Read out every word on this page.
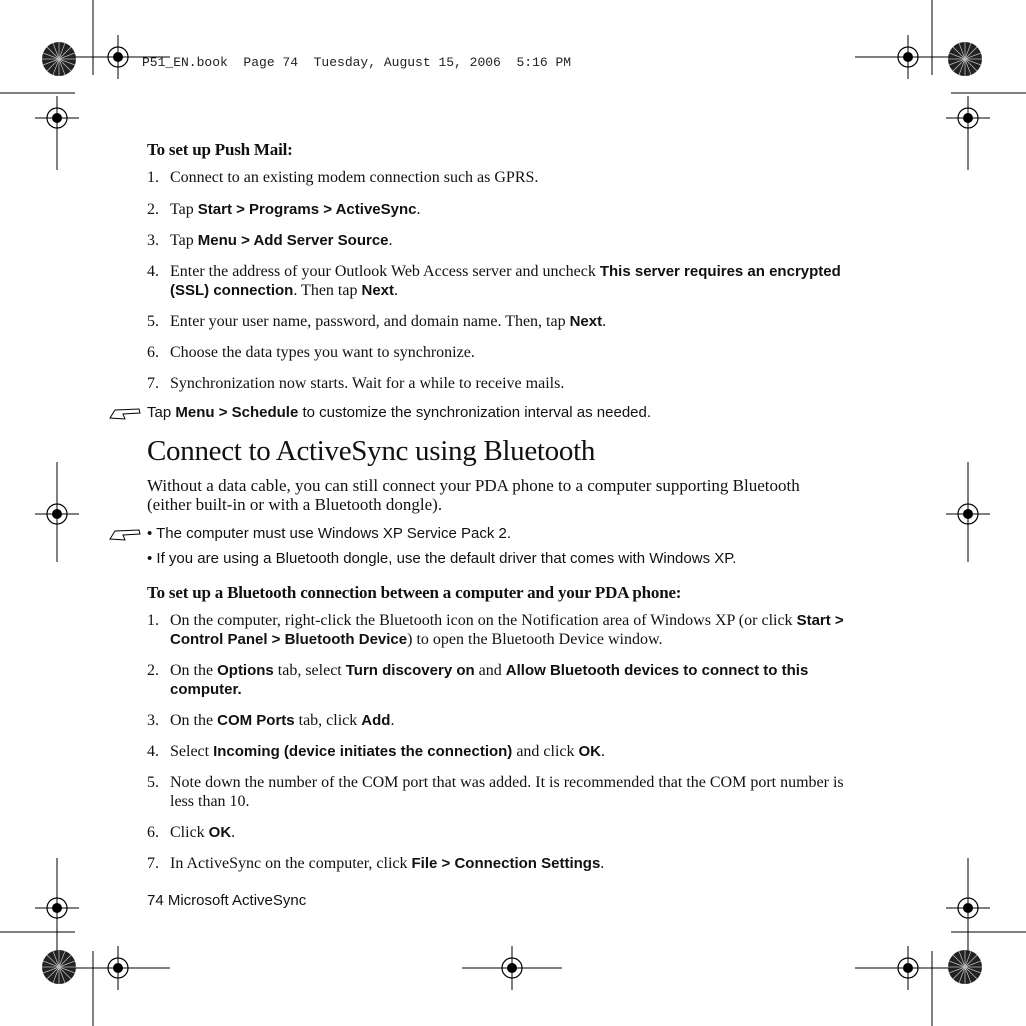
P51_EN.book  Page 74  Tuesday, August 15, 2006  5:16 PM
To set up Push Mail:
1. Connect to an existing modem connection such as GPRS.
2. Tap Start > Programs > ActiveSync.
3. Tap Menu > Add Server Source.
4. Enter the address of your Outlook Web Access server and uncheck This server requires an encrypted (SSL) connection. Then tap Next.
5. Enter your user name, password, and domain name. Then, tap Next.
6. Choose the data types you want to synchronize.
7. Synchronization now starts. Wait for a while to receive mails.
Tap Menu > Schedule to customize the synchronization interval as needed.
Connect to ActiveSync using Bluetooth

Without a data cable, you can still connect your PDA phone to a computer supporting Bluetooth (either built-in or with a Bluetooth dongle).

• The computer must use Windows XP Service Pack 2.
• If you are using a Bluetooth dongle, use the default driver that comes with Windows XP.
To set up a Bluetooth connection between a computer and your PDA phone:
1. On the computer, right-click the Bluetooth icon on the Notification area of Windows XP (or click Start > Control Panel > Bluetooth Device) to open the Bluetooth Device window.
2. On the Options tab, select Turn discovery on and Allow Bluetooth devices to connect to this computer.
3. On the COM Ports tab, click Add.
4. Select Incoming (device initiates the connection) and click OK.
5. Note down the number of the COM port that was added. It is recommended that the COM port number is less than 10.
6. Click OK.
7. In ActiveSync on the computer, click File > Connection Settings.
74 Microsoft ActiveSync
